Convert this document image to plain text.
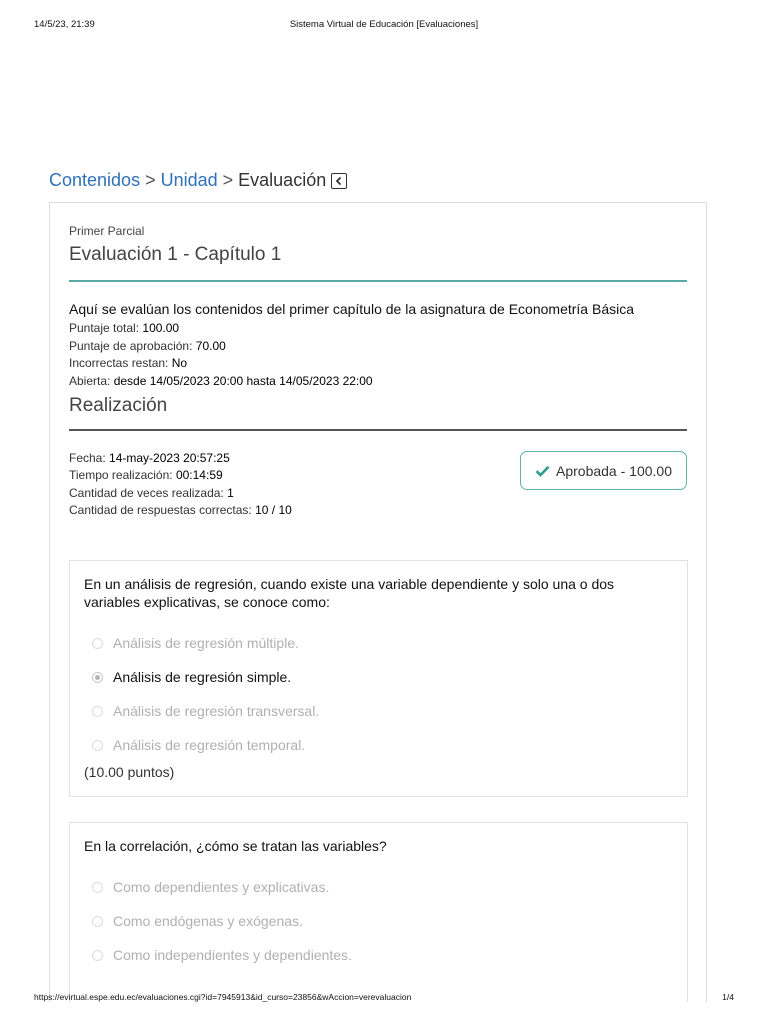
14/5/23, 21:39	Sistema Virtual de Educación [Evaluaciones]
Contenidos > Unidad > Evaluación
Primer Parcial
Evaluación 1 - Capítulo 1
Aquí se evalúan los contenidos del primer capítulo de la asignatura de Econometría Básica
Puntaje total: 100.00
Puntaje de aprobación: 70.00
Incorrectas restan: No
Abierta: desde 14/05/2023 20:00 hasta 14/05/2023 22:00
Realización
Fecha: 14-may-2023 20:57:25
Tiempo realización: 00:14:59
Cantidad de veces realizada: 1
Cantidad de respuestas correctas: 10 / 10
Aprobada - 100.00
En un análisis de regresión, cuando existe una variable dependiente y solo una o dos variables explicativas, se conoce como:
Análisis de regresión múltiple.
Análisis de regresión simple.
Análisis de regresión transversal.
Análisis de regresión temporal.
(10.00 puntos)
En la correlación, ¿cómo se tratan las variables?
Como dependientes y explicativas.
Como endógenas y exógenas.
Como independientes y dependientes.
https://evirtual.espe.edu.ec/evaluaciones.cgi?id=7945913&id_curso=23856&wAccion=verevaluacion	1/4
